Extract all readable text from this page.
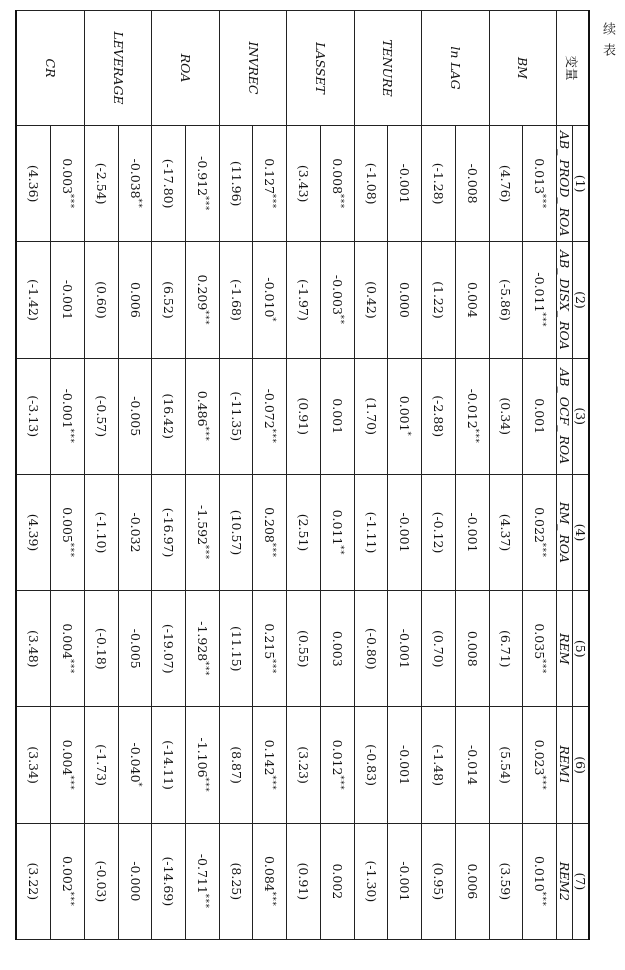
续表
变量	(1)	(2)	(3)	(4)	(5)	(6)	(7)
	AB_ PROD_ ROA	AB_ DISX_ ROA	AB_ OCF_ ROA	RM_ ROA	REM	REM1	REM2
BM	0.013***	-0.011***	0.001	0.022***	0.035***	0.023***	0.010***
	(4.76)	(-5.86)	(0.34)	(4.37)	(6.71)	(5.54)	(3.59)
ln LAG	-0.008	0.004	-0.012***	-0.001	0.008	-0.014	0.006
	(-1.28)	(1.22)	(-2.88)	(-0.12)	(0.70)	(-1.48)	(0.95)
TENURE	-0.001	0.000	0.001*	-0.001	-0.001	-0.001	-0.001
	(-1.08)	(0.42)	(1.70)	(-1.11)	(-0.80)	(-0.83)	(-1.30)
LASSET	0.008***	-0.003**	0.001	0.011**	0.003	0.012***	0.002
	(3.43)	(-1.97)	(0.91)	(2.51)	(0.55)	(3.23)	(0.91)
INVREC	0.127***	-0.010*	-0.072***	0.208***	0.215***	0.142***	0.084***
	(11.96)	(-1.68)	(-11.35)	(10.57)	(11.15)	(8.87)	(8.25)
ROA	-0.912***	0.209***	0.486***	-1.592***	-1.928***	-1.106***	-0.711***
	(-17.80)	(6.52)	(16.42)	(-16.97)	(-19.07)	(-14.11)	(-14.69)
LEVERAGE	-0.038**	0.006	-0.005	-0.032	-0.005	-0.040*	-0.000
	(-2.54)	(0.60)	(-0.57)	(-1.10)	(-0.18)	(-1.73)	(-0.03)
CR	0.003***	-0.001	-0.001***	0.005***	0.004***	0.004***	0.002***
	(4.36)	(-1.42)	(-3.13)	(4.39)	(3.48)	(3.34)	(3.22)
